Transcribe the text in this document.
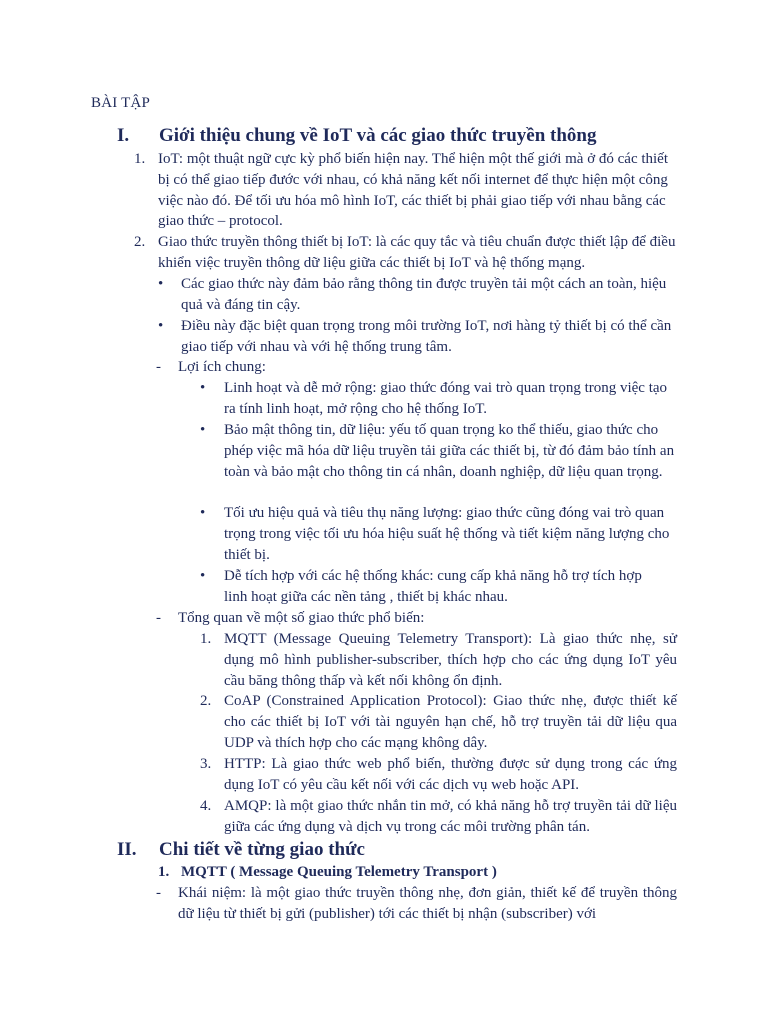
BÀI TẬP
I. Giới thiệu chung về IoT và các giao thức truyền thông
1. IoT: một thuật ngữ cực kỳ phổ biến hiện nay. Thể hiện một thế giới mà ở đó các thiết bị có thể giao tiếp đước với nhau, có khả năng kết nối internet để thực hiện một công việc nào đó. Để tối ưu hóa mô hình IoT, các thiết bị phải giao tiếp với nhau bằng các giao thức – protocol.
2. Giao thức truyền thông thiết bị IoT: là các quy tắc và tiêu chuẩn được thiết lập để điều khiển việc truyền thông dữ liệu giữa các thiết bị IoT và hệ thống mạng.
• Các giao thức này đảm bảo rằng thông tin được truyền tải một cách an toàn, hiệu quả và đáng tin cậy.
• Điều này đặc biệt quan trọng trong môi trường IoT, nơi hàng tỷ thiết bị có thể cần giao tiếp với nhau và với hệ thống trung tâm.
- Lợi ích chung:
• Linh hoạt và dễ mở rộng: giao thức đóng vai trò quan trọng trong việc tạo ra tính linh hoạt, mở rộng cho hệ thống IoT.
• Bảo mật thông tin, dữ liệu: yếu tố quan trọng ko thể thiếu, giao thức cho phép việc mã hóa dữ liệu truyền tải giữa các thiết bị, từ đó đảm bảo tính an toàn và bảo mật cho thông tin cá nhân, doanh nghiệp, dữ liệu quan trọng.
• Tối ưu hiệu quả và tiêu thụ năng lượng: giao thức cũng đóng vai trò quan trọng trong việc tối ưu hóa hiệu suất hệ thống và tiết kiệm năng lượng cho thiết bị.
• Dễ tích hợp với các hệ thống khác: cung cấp khả năng hỗ trợ tích hợp linh hoạt giữa các nền tảng , thiết bị khác nhau.
- Tổng quan về một số giao thức phổ biến:
1. MQTT (Message Queuing Telemetry Transport): Là giao thức nhẹ, sử dụng mô hình publisher-subscriber, thích hợp cho các ứng dụng IoT yêu cầu băng thông thấp và kết nối không ổn định.
2. CoAP (Constrained Application Protocol): Giao thức nhẹ, được thiết kế cho các thiết bị IoT với tài nguyên hạn chế, hỗ trợ truyền tải dữ liệu qua UDP và thích hợp cho các mạng không dây.
3. HTTP: Là giao thức web phổ biến, thường được sử dụng trong các ứng dụng IoT có yêu cầu kết nối với các dịch vụ web hoặc API.
4. AMQP: là một giao thức nhắn tin mở, có khả năng hỗ trợ truyền tải dữ liệu giữa các ứng dụng và dịch vụ trong các môi trường phân tán.
II. Chi tiết về từng giao thức
1. MQTT ( Message Queuing Telemetry Transport )
- Khái niệm: là một giao thức truyền thông nhẹ, đơn giản, thiết kế để truyền thông dữ liệu từ thiết bị gửi (publisher) tới các thiết bị nhận (subscriber) với
